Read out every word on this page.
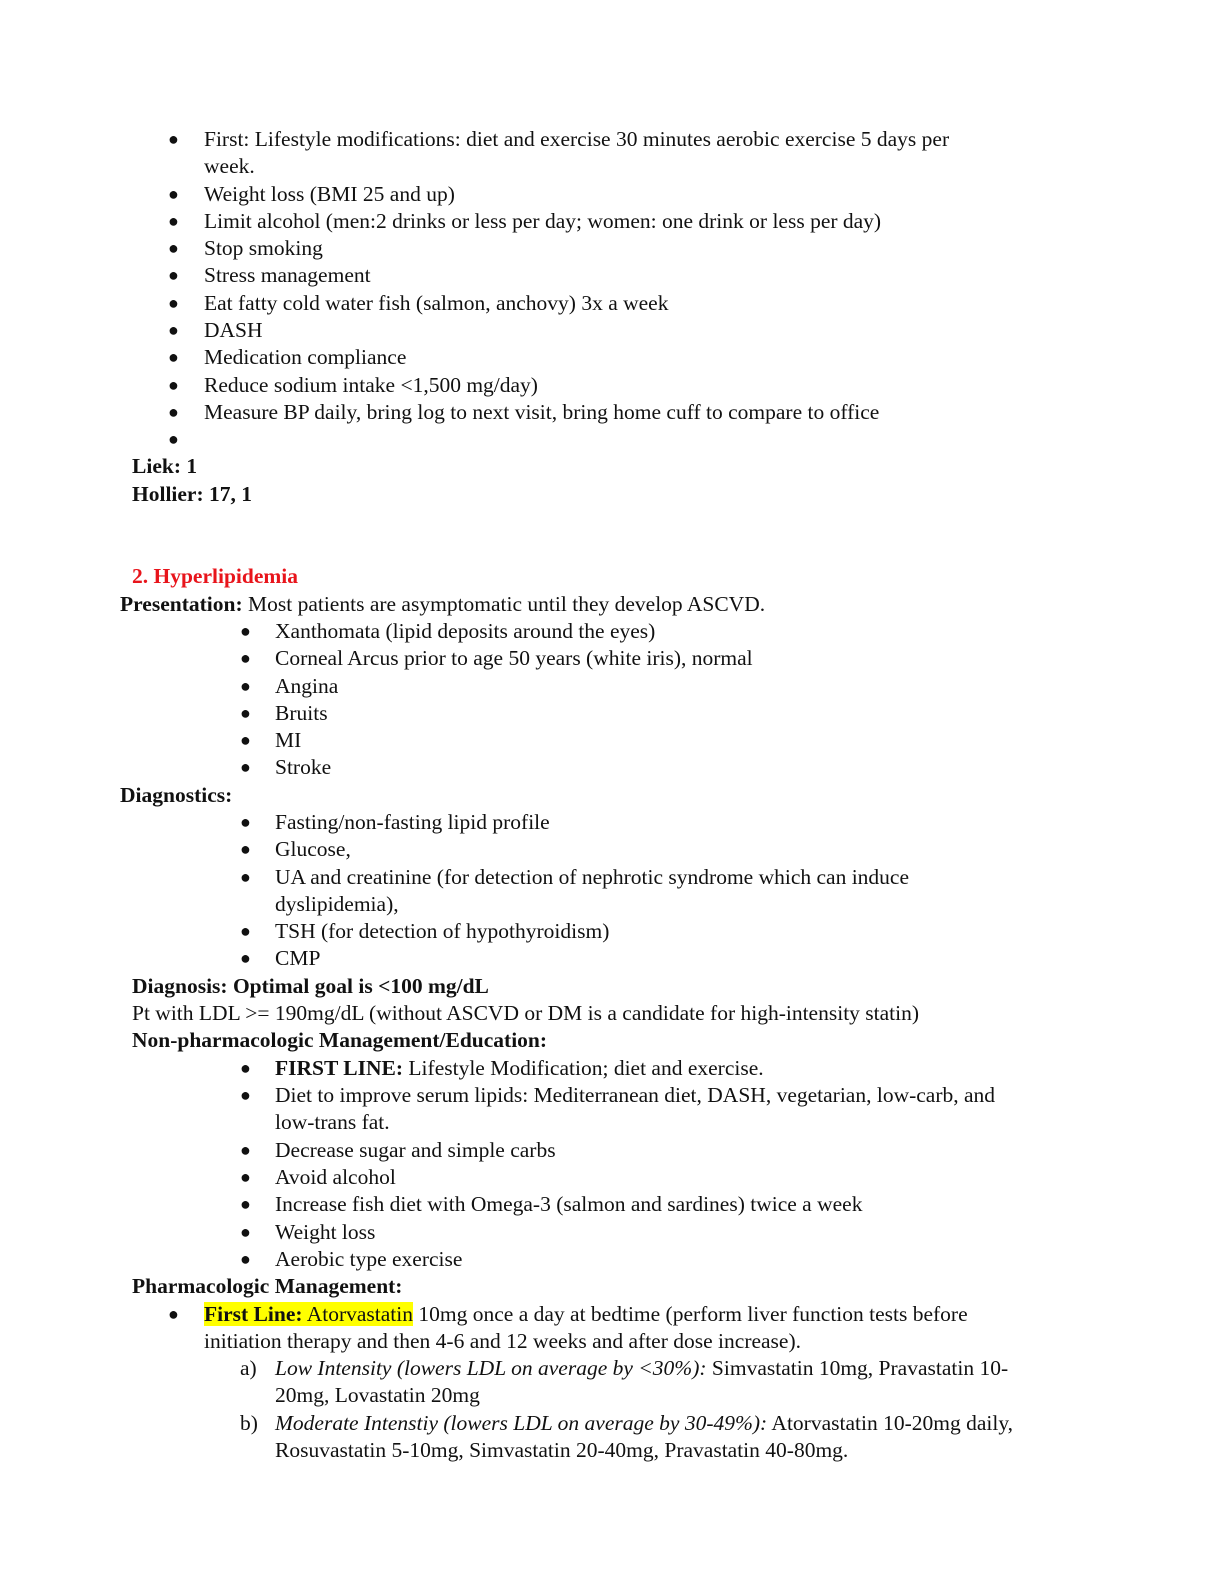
● First: Lifestyle modifications: diet and exercise 30 minutes aerobic exercise 5 days per
week.
● Weight loss (BMI 25 and up)
● Limit alcohol (men:2 drinks or less per day; women: one drink or less per day)
● Stop smoking
● Stress management
● Eat fatty cold water fish (salmon, anchovy) 3x a week
● DASH
● Medication compliance
● Reduce sodium intake <1,500 mg/day)
● Measure BP daily, bring log to next visit, bring home cuff to compare to office
●
Liek: 1
Hollier: 17, 1
2. Hyperlipidemia
Presentation: Most patients are asymptomatic until they develop ASCVD.
● Xanthomata (lipid deposits around the eyes)
● Corneal Arcus prior to age 50 years (white iris), normal
● Angina
● Bruits
● MI
● Stroke
Diagnostics:
● Fasting/non-fasting lipid profile
● Glucose,
● UA and creatinine (for detection of nephrotic syndrome which can induce
dyslipidemia),
● TSH (for detection of hypothyroidism)
● CMP
Diagnosis: Optimal goal is <100 mg/dL
Pt with LDL >= 190mg/dL (without ASCVD or DM is a candidate for high-intensity statin)
Non-pharmacologic Management/Education:
● FIRST LINE: Lifestyle Modification; diet and exercise.
● Diet to improve serum lipids: Mediterranean diet, DASH, vegetarian, low-carb, and
low-trans fat.
● Decrease sugar and simple carbs
● Avoid alcohol
● Increase fish diet with Omega-3 (salmon and sardines) twice a week
● Weight loss
● Aerobic type exercise
Pharmacologic Management:
● First Line: Atorvastatin 10mg once a day at bedtime (perform liver function tests before
initiation therapy and then 4-6 and 12 weeks and after dose increase).
a) Low Intensity (lowers LDL on average by <30%): Simvastatin 10mg, Pravastatin 10-
20mg, Lovastatin 20mg
b) Moderate Intenstiy (lowers LDL on average by 30-49%): Atorvastatin 10-20mg daily,
Rosuvastatin 5-10mg, Simvastatin 20-40mg, Pravastatin 40-80mg.
